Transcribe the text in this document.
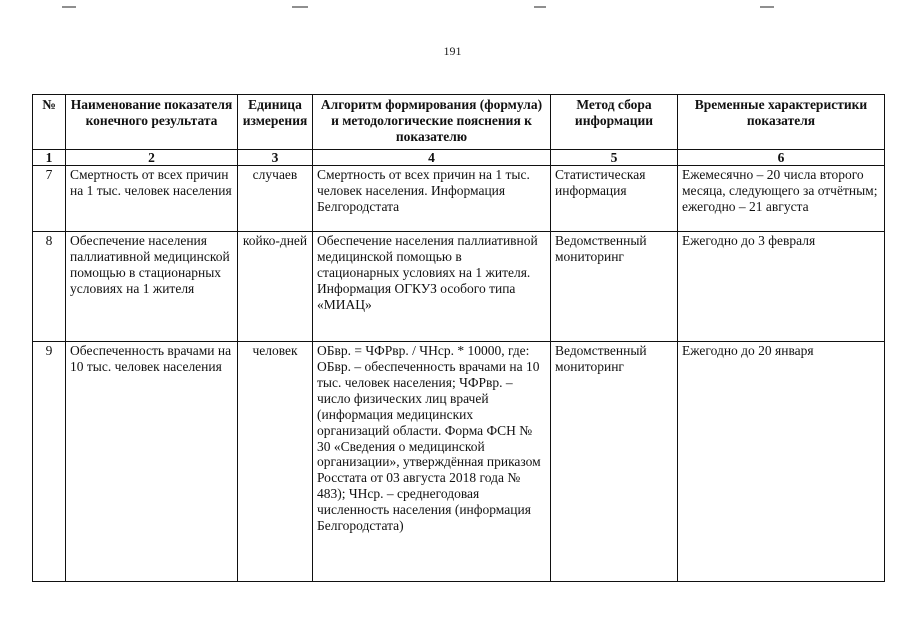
191
№	Наименование показателя конечного результата	Единица измерения	Алгоритм формирования (формула) и методологические пояснения к показателю	Метод сбора информации	Временные характеристики показателя
1	2	3	4	5	6
7	Смертность от всех причин на 1 тыс. человек населения	случаев	Смертность от всех причин на 1 тыс. человек населения. Информация Белгородстата	Статистическая информация	Ежемесячно – 20 числа второго месяца, следующего за отчётным; ежегодно – 21 августа
8	Обеспечение населения паллиативной медицинской помощью в стационарных условиях на 1 жителя	койко-дней	Обеспечение населения паллиативной медицинской помощью в стационарных условиях на 1 жителя. Информация ОГКУЗ особого типа «МИАЦ»	Ведомственный мониторинг	Ежегодно до 3 февраля
9	Обеспеченность врачами на 10 тыс. человек населения	человек	ОБвр. = ЧФРвр. / ЧНср. * 10000, где: ОБвр. – обеспеченность врачами на 10 тыс. человек населения; ЧФРвр. – число физических лиц врачей (информация медицинских организаций области. Форма ФСН № 30 «Сведения о медицинской организации», утверждённая приказом Росстата от 03 августа 2018 года № 483); ЧНср. – среднегодовая численность населения (информация Белгородстата)	Ведомственный мониторинг	Ежегодно до 20 января
